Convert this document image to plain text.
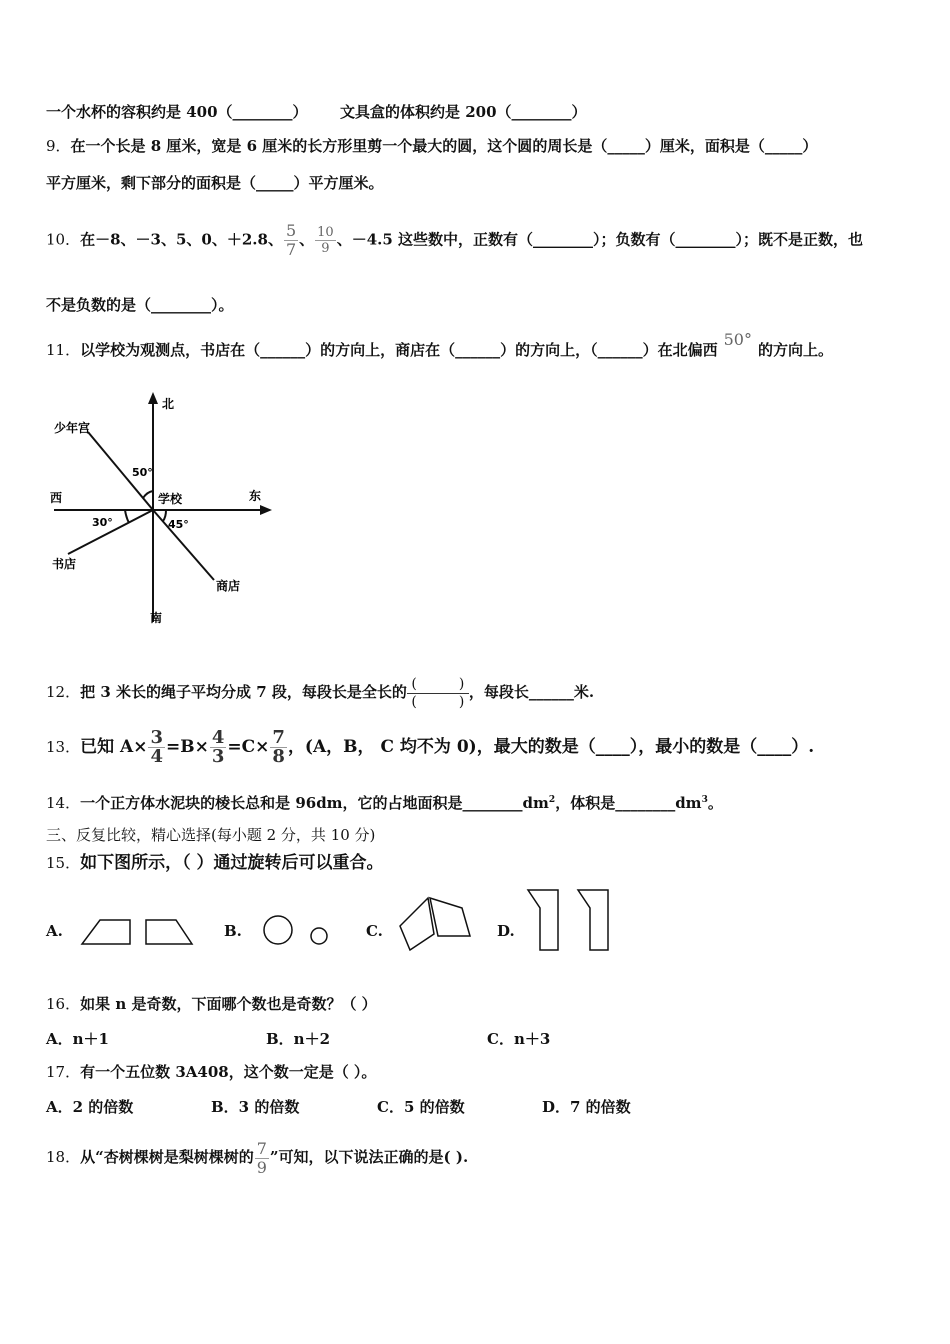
一个水杯的容积约是 400（________） 文具盒的体积约是 200（________）
9．在一个长是 8 厘米，宽是 6 厘米的长方形里剪一个最大的圆，这个圆的周长是（_____）厘米，面积是（_____）
平方厘米，剩下部分的面积是（_____）平方厘米。
10．在－8、－3、5、0、＋2.8、 $\frac{5}{7}$ 、 $\frac{10}{9}$ 、－4.5 这些数中，正数有（________）；负数有（________）；既不是正数，也
不是负数的是（________）。
11．以学校为观测点，书店在（______）的方向上，商店在（______）的方向上，（______）在北偏西50°的方向上。
北
南
东
西	学校
少年宫
书店
商店
50°
30°	45°
12．把 3 米长的绳子平均分成 7 段，每段长是全长的 (　　　)
(　　　)
，每段长______米.
13．已知 $A\times \frac{3}{4} =B\times \frac{4}{3} =C\times \frac{7}{8}$ ，(A，B， C 均不为 0)，最大的数是（____），最小的数是（____）.
14．一个正方体水泥块的棱长总和是 96dm，它的占地面积是$\_\_\_\_\_\_\_\_dm^2$，体积是$\_\_\_\_\_\_\_\_dm^3$。
三、反复比较，精心选择(每小题 2 分，共 10 分)
15．如下图所示，（ ）通过旋转后可以重合。
A.	B.	C.	D.
16．如果 n 是奇数，下面哪个数也是奇数？（ ）
A．n＋1	B．n＋2	C．n＋3
17．有一个五位数 3A408，这个数一定是（ ）。
A．2 的倍数	B．3 的倍数	C．5 的倍数	D．7 的倍数
18．从“杏树棵树是梨树棵树的 $\frac{7}{9}$ ”可知，以下说法正确的是( ).
